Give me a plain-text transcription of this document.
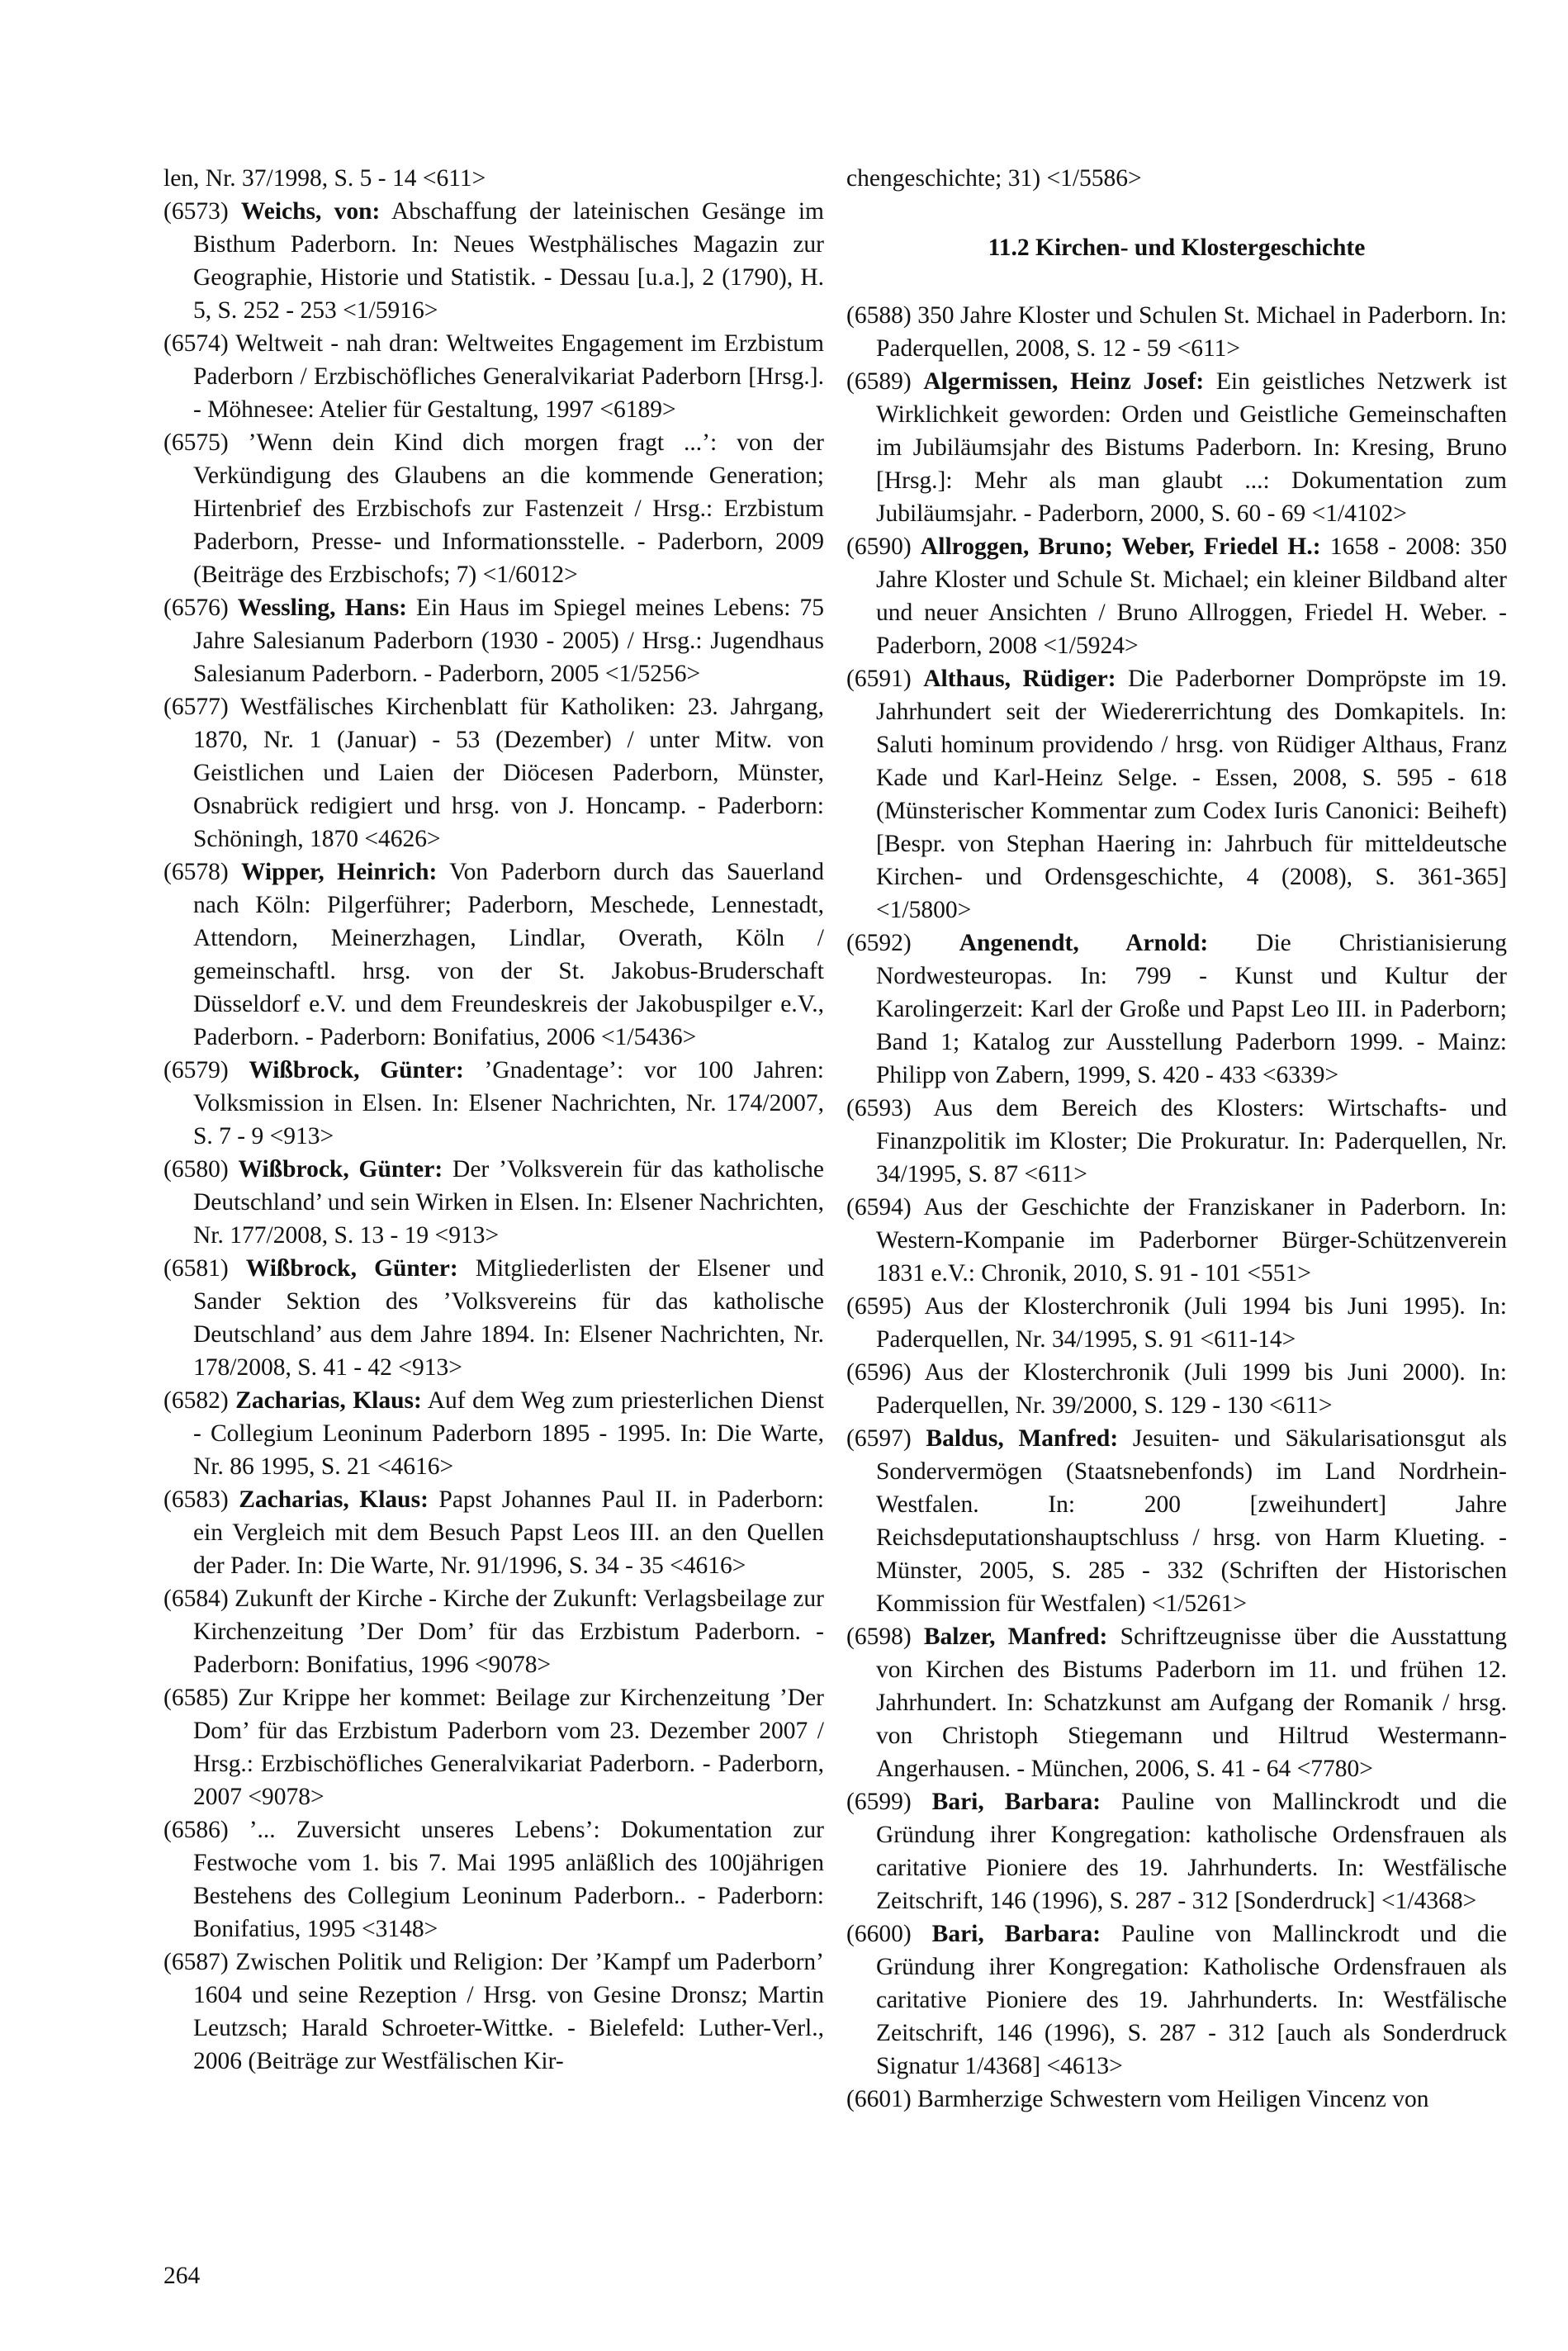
len, Nr. 37/1998, S. 5 - 14 <611>

(6573) Weichs, von: Abschaffung der lateinischen Gesänge im Bisthum Paderborn. In: Neues Westphälisches Magazin zur Geographie, Historie und Statistik. - Dessau [u.a.], 2 (1790), H. 5, S. 252 - 253 <1/5916>

(6574) Weltweit - nah dran: Weltweites Engagement im Erzbistum Paderborn / Erzbischöfliches Generalvikariat Paderborn [Hrsg.]. - Möhnesee: Atelier für Gestaltung, 1997 <6189>

(6575) ’Wenn dein Kind dich morgen fragt ...’: von der Verkündigung des Glaubens an die kommende Generation; Hirtenbrief des Erzbischofs zur Fastenzeit / Hrsg.: Erzbistum Paderborn, Presse- und Informationsstelle. - Paderborn, 2009 (Beiträge des Erzbischofs; 7) <1/6012>

(6576) Wessling, Hans: Ein Haus im Spiegel meines Lebens: 75 Jahre Salesianum Paderborn (1930 - 2005) / Hrsg.: Jugendhaus Salesianum Paderborn. - Paderborn, 2005 <1/5256>

(6577) Westfälisches Kirchenblatt für Katholiken: 23. Jahrgang, 1870, Nr. 1 (Januar) - 53 (Dezember) / unter Mitw. von Geistlichen und Laien der Diöcesen Paderborn, Münster, Osnabrück redigiert und hrsg. von J. Honcamp. - Paderborn: Schöningh, 1870 <4626>

(6578) Wipper, Heinrich: Von Paderborn durch das Sauerland nach Köln: Pilgerführer; Paderborn, Meschede, Lennestadt, Attendorn, Meinerzhagen, Lindlar, Overath, Köln / gemeinschaftl. hrsg. von der St. Jakobus-Bruderschaft Düsseldorf e.V. und dem Freundeskreis der Jakobuspilger e.V., Paderborn. - Paderborn: Bonifatius, 2006 <1/5436>

(6579) Wißbrock, Günter: ’Gnadentage’: vor 100 Jahren: Volksmission in Elsen. In: Elsener Nachrichten, Nr. 174/2007, S. 7 - 9 <913>

(6580) Wißbrock, Günter: Der ’Volksverein für das katholische Deutschland’ und sein Wirken in Elsen. In: Elsener Nachrichten, Nr. 177/2008, S. 13 - 19 <913>

(6581) Wißbrock, Günter: Mitgliederlisten der Elsener und Sander Sektion des ’Volksvereins für das katholische Deutschland’ aus dem Jahre 1894. In: Elsener Nachrichten, Nr. 178/2008, S. 41 - 42 <913>

(6582) Zacharias, Klaus: Auf dem Weg zum priesterlichen Dienst - Collegium Leoninum Paderborn 1895 - 1995. In: Die Warte, Nr. 86 1995, S. 21 <4616>

(6583) Zacharias, Klaus: Papst Johannes Paul II. in Paderborn: ein Vergleich mit dem Besuch Papst Leos III. an den Quellen der Pader. In: Die Warte, Nr. 91/1996, S. 34 - 35 <4616>

(6584) Zukunft der Kirche - Kirche der Zukunft: Verlagsbeilage zur Kirchenzeitung ’Der Dom’ für das Erzbistum Paderborn. - Paderborn: Bonifatius, 1996 <9078>

(6585) Zur Krippe her kommet: Beilage zur Kirchenzeitung ’Der Dom’ für das Erzbistum Paderborn vom 23. Dezember 2007 / Hrsg.: Erzbischöfliches Generalvikariat Paderborn. - Paderborn, 2007 <9078>

(6586) ’... Zuversicht unseres Lebens’: Dokumentation zur Festwoche vom 1. bis 7. Mai 1995 anläßlich des 100jährigen Bestehens des Collegium Leoninum Paderborn.. - Paderborn: Bonifatius, 1995 <3148>

(6587) Zwischen Politik und Religion: Der ’Kampf um Paderborn’ 1604 und seine Rezeption / Hrsg. von Gesine Dronsz; Martin Leutzsch; Harald Schroeter-Wittke. - Bielefeld: Luther-Verl., 2006 (Beiträge zur Westfälischen Kir-

chengeschichte; 31) <1/5586>

11.2 Kirchen- und Klostergeschichte

(6588) 350 Jahre Kloster und Schulen St. Michael in Paderborn. In: Paderquellen, 2008, S. 12 - 59 <611>

(6589) Algermissen, Heinz Josef: Ein geistliches Netzwerk ist Wirklichkeit geworden: Orden und Geistliche Gemeinschaften im Jubiläumsjahr des Bistums Paderborn. In: Kresing, Bruno [Hrsg.]: Mehr als man glaubt ...: Dokumentation zum Jubiläumsjahr. - Paderborn, 2000, S. 60 - 69 <1/4102>

(6590) Allroggen, Bruno; Weber, Friedel H.: 1658 - 2008: 350 Jahre Kloster und Schule St. Michael; ein kleiner Bildband alter und neuer Ansichten / Bruno Allroggen, Friedel H. Weber. - Paderborn, 2008 <1/5924>

(6591) Althaus, Rüdiger: Die Paderborner Dompröpste im 19. Jahrhundert seit der Wiedererrichtung des Domkapitels. In: Saluti hominum providendo / hrsg. von Rüdiger Althaus, Franz Kade und Karl-Heinz Selge. - Essen, 2008, S. 595 - 618 (Münsterischer Kommentar zum Codex Iuris Canonici: Beiheft) [Bespr. von Stephan Haering in: Jahrbuch für mitteldeutsche Kirchen- und Ordensgeschichte, 4 (2008), S. 361-365] <1/5800>

(6592) Angenendt, Arnold: Die Christianisierung Nordwesteuropas. In: 799 - Kunst und Kultur der Karolingerzeit: Karl der Große und Papst Leo III. in Paderborn; Band 1; Katalog zur Ausstellung Paderborn 1999. - Mainz: Philipp von Zabern, 1999, S. 420 - 433 <6339>

(6593) Aus dem Bereich des Klosters: Wirtschafts- und Finanzpolitik im Kloster; Die Prokuratur. In: Paderquellen, Nr. 34/1995, S. 87 <611>

(6594) Aus der Geschichte der Franziskaner in Paderborn. In: Western-Kompanie im Paderborner Bürger-Schützenverein 1831 e.V.: Chronik, 2010, S. 91 - 101 <551>

(6595) Aus der Klosterchronik (Juli 1994 bis Juni 1995). In: Paderquellen, Nr. 34/1995, S. 91 <611-14>

(6596) Aus der Klosterchronik (Juli 1999 bis Juni 2000). In: Paderquellen, Nr. 39/2000, S. 129 - 130 <611>

(6597) Baldus, Manfred: Jesuiten- und Säkularisationsgut als Sondervermögen (Staatsnebenfonds) im Land Nordrhein-Westfalen. In: 200 [zweihundert] Jahre Reichsdeputationshauptschluss / hrsg. von Harm Klueting. - Münster, 2005, S. 285 - 332 (Schriften der Historischen Kommission für Westfalen) <1/5261>

(6598) Balzer, Manfred: Schriftzeugnisse über die Ausstattung von Kirchen des Bistums Paderborn im 11. und frühen 12. Jahrhundert. In: Schatzkunst am Aufgang der Romanik / hrsg. von Christoph Stiegemann und Hiltrud Westermann-Angerhausen. - München, 2006, S. 41 - 64 <7780>

(6599) Bari, Barbara: Pauline von Mallinckrodt und die Gründung ihrer Kongregation: katholische Ordensfrauen als caritative Pioniere des 19. Jahrhunderts. In: Westfälische Zeitschrift, 146 (1996), S. 287 - 312 [Sonderdruck] <1/4368>

(6600) Bari, Barbara: Pauline von Mallinckrodt und die Gründung ihrer Kongregation: Katholische Ordensfrauen als caritative Pioniere des 19. Jahrhunderts. In: Westfälische Zeitschrift, 146 (1996), S. 287 - 312 [auch als Sonderdruck Signatur 1/4368] <4613>

(6601) Barmherzige Schwestern vom Heiligen Vincenz von

264
